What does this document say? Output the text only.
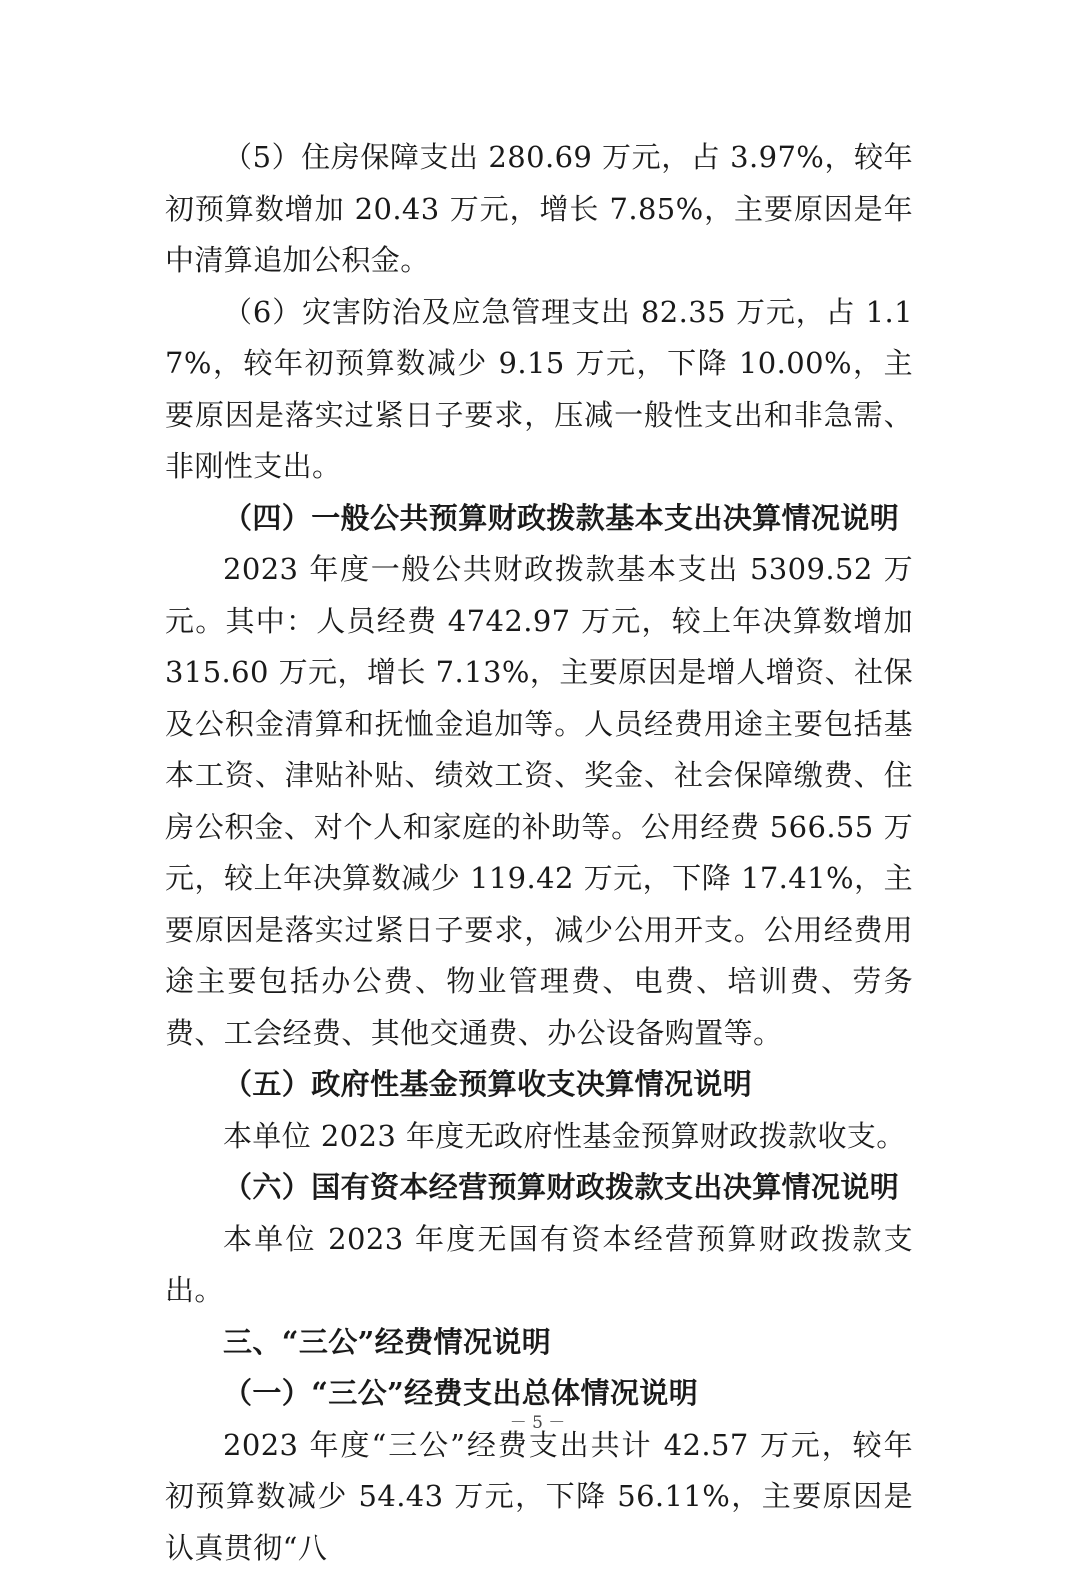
（5）住房保障支出 280.69 万元，占 3.97%，较年初预算数增加 20.43 万元，增长 7.85%，主要原因是年中清算追加公积金。

（6）灾害防治及应急管理支出 82.35 万元，占 1.17%，较年初预算数减少 9.15 万元，下降 10.00%，主要原因是落实过紧日子要求，压减一般性支出和非急需、非刚性支出。

（四）一般公共预算财政拨款基本支出决算情况说明

2023 年度一般公共财政拨款基本支出 5309.52 万元。其中：人员经费 4742.97 万元，较上年决算数增加 315.60 万元，增长 7.13%，主要原因是增人增资、社保及公积金清算和抚恤金追加等。人员经费用途主要包括基本工资、津贴补贴、绩效工资、奖金、社会保障缴费、住房公积金、对个人和家庭的补助等。公用经费 566.55 万元，较上年决算数减少 119.42 万元，下降 17.41%，主要原因是落实过紧日子要求，减少公用开支。公用经费用途主要包括办公费、物业管理费、电费、培训费、劳务费、工会经费、其他交通费、办公设备购置等。

（五）政府性基金预算收支决算情况说明

本单位 2023 年度无政府性基金预算财政拨款收支。

（六）国有资本经营预算财政拨款支出决算情况说明

本单位 2023 年度无国有资本经营预算财政拨款支出。

三、“三公”经费情况说明

（一）“三公”经费支出总体情况说明

2023 年度“三公”经费支出共计 42.57 万元，较年初预算数减少 54.43 万元，下降 56.11%，主要原因是认真贯彻“八

－ 5 －
